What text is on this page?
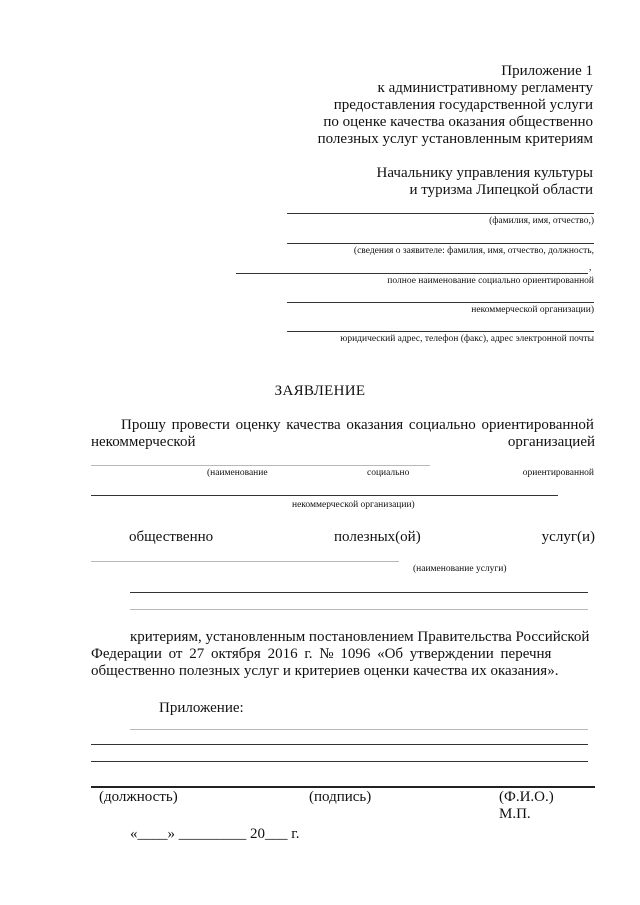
Приложение 1
к административному регламенту
предоставления государственной услуги
по оценке качества оказания общественно
полезных услуг установленным критериям
Начальнику управления культуры
и туризма Липецкой области
(фамилия, имя, отчество,)
(сведения о заявителе: фамилия, имя, отчество, должность,
,
полное наименование социально ориентированной
некоммерческой организации)
юридический адрес, телефон (факс), адрес электронной почты
ЗАЯВЛЕНИЕ
Прошу провести оценку качества оказания социально ориентированной
некоммерческой	организацией
(наименование	социально	ориентированной
некоммерческой организации)
общественно	полезных(ой)	услуг(и)
(наименование услуги)
критериям, установленным постановлением Правительства Российской
Федерации от 27 октября 2016 г. № 1096 «Об утверждении перечня
общественно полезных услуг и критериев оценки качества их оказания».
Приложение:
(должность)	(подпись)	(Ф.И.О.)
М.П.
«____» _________ 20___ г.
